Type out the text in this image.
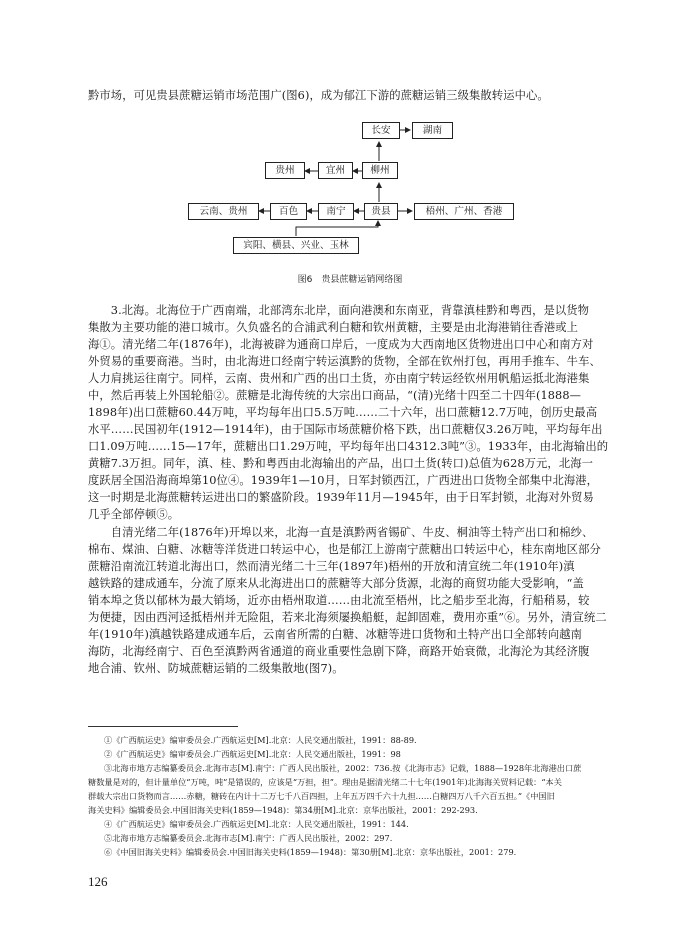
黔市场，可见贵县蔗糖运销市场范围广(图6)，成为郁江下游的蔗糖运销三级集散转运中心。
长安	湖南
贵州	宜州	柳州
云南、贵州	百色	南宁	贵县	梧州、广州、香港
宾阳、横县、兴业、玉林
图6　贵县蔗糖运销网络图
　　3.北海。北海位于广西南端，北部湾东北岸，面向港澳和东南亚，背靠滇桂黔和粤西，是以货物
集散为主要功能的港口城市。久负盛名的合浦武利白糖和钦州黄糖，主要是由北海港销往香港或上
海①。清光绪二年(1876年)，北海被辟为通商口岸后，一度成为大西南地区货物进出口中心和南方对
外贸易的重要商港。当时，由北海进口经南宁转运滇黔的货物，全部在钦州打包，再用手推车、牛车、
人力肩挑运往南宁。同样，云南、贵州和广西的出口土货，亦由南宁转运经钦州用帆船运抵北海港集
中，然后再装上外国轮船②。蔗糖是北海传统的大宗出口商品，“(清)光绪十四至二十四年(1888—
1898年)出口蔗糖60.44万吨，平均每年出口5.5万吨……二十六年，出口蔗糖12.7万吨，创历史最高
水平……民国初年(1912—1914年)，由于国际市场蔗糖价格下跌，出口蔗糖仅3.26万吨，平均每年出
口1.09万吨……15—17年，蔗糖出口1.29万吨，平均每年出口4312.3吨”③。1933年，由北海输出的
黄糖7.3万担。同年，滇、桂、黔和粤西由北海输出的产品，出口土货(转口)总值为628万元，北海一
度跃居全国沿海商埠第10位④。1939年1—10月，日军封锁西江，广西进出口货物全部集中北海港，
这一时期是北海蔗糖转运进出口的繁盛阶段。1939年11月—1945年，由于日军封锁，北海对外贸易
几乎全部停顿⑤。
　　自清光绪二年(1876年)开埠以来，北海一直是滇黔两省锡矿、牛皮、桐油等土特产出口和棉纱、
棉布、煤油、白糖、冰糖等洋货进口转运中心，也是郁江上游南宁蔗糖出口转运中心，桂东南地区部分
蔗糖沿南流江转道北海出口，然而清光绪二十三年(1897年)梧州的开放和清宣统二年(1910年)滇
越铁路的建成通车，分流了原来从北海进出口的蔗糖等大部分货源，北海的商贸功能大受影响，“盖
销本埠之货以郁林为最大销场，近亦由梧州取道……由北流至梧州，比之船步至北海，行船稍易，较
为便捷，因由西河迳抵梧州并无险阻，若来北海须屡换船艇，起卸固难，费用亦重”⑥。另外，清宣统二
年(1910年)滇越铁路建成通车后，云南省所需的白糖、冰糖等进口货物和土特产出口全部转向越南
海防，北海经南宁、百色至滇黔两省通道的商业重要性急剧下降，商路开始衰微，北海沦为其经济腹
地合浦、钦州、防城蔗糖运销的二级集散地(图7)。
①《广西航运史》编审委员会.广西航运史[M].北京：人民交通出版社，1991：88-89.
②《广西航运史》编审委员会.广西航运史[M].北京：人民交通出版社，1991：98
③北海市地方志编纂委员会.北海市志[M].南宁：广西人民出版社，2002：736.按《北海市志》记载，1888—1928年北海港出口蔗
糖数量是对的，但计量单位“万吨，吨”是错误的，应该是“万担，担”。理由是据清光绪二十七年(1901年)北海海关贸料记载：“本关
群载大宗出口货物而言……赤糖，糖砖在内计十二万七千八百四担，上年五万四千六十九担……白糖四万八千六百五担。”《中国旧
海关史料》编辑委员会.中国旧海关史料(1859—1948)：第34册[M].北京：京华出版社，2001：292-293.
④《广西航运史》编审委员会.广西航运史[M].北京：人民交通出版社，1991：144.
⑤北海市地方志编纂委员会.北海市志[M].南宁：广西人民出版社，2002：297.
⑥《中国旧海关史料》编辑委员会.中国旧海关史料(1859—1948)：第30册[M].北京：京华出版社，2001：279.
126
